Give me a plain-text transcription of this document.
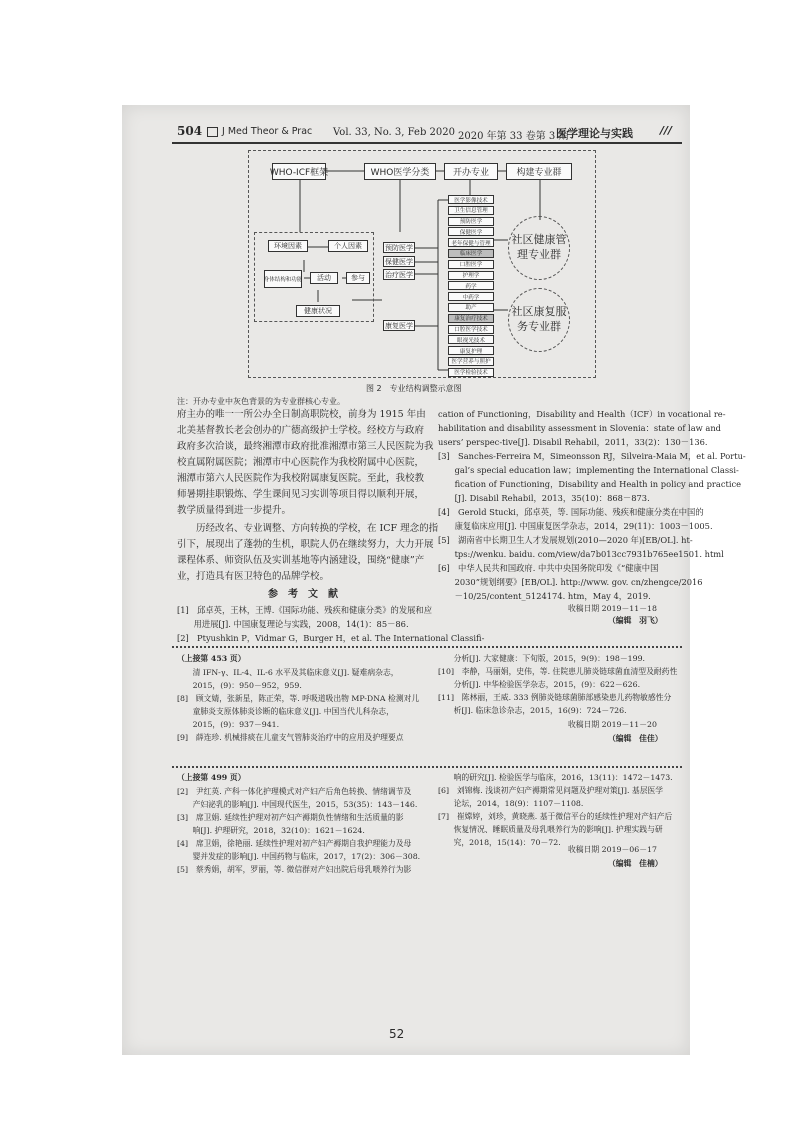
504 J Med Theor & Prac Vol. 33, No. 3, Feb 2020 2020 年第 33 卷第 3 期
医学理论与实践 ///
WHO-ICF框架	WHO医学分类	开办专业	构建专业群
环境因素	个人因素
身体结构和功能	活动	参与
健康状况
预防医学
保健医学
治疗医学
康复医学
医学影像技术
卫生信息管理
预防医学
保健医学
老年保健与管理
临床医学
口腔医学
护理学
药学
中药学
助产
康复治疗技术
口腔医学技术
眼视光技术
康复护理
医学营养与照护
医学检验技术
社区健康管理专业群
社区康复服务专业群
图 2　专业结构调整示意图
注：开办专业中灰色背景的为专业群核心专业。
府主办的唯一一所公办全日制高职院校，前身为 1915 年由
北美基督教长老会创办的广德高级护士学校。经校方与政府
政府多次洽谈，最终湘潭市政府批准湘潭市第三人民医院为我
校直属附属医院；湘潭市中心医院作为我校附属中心医院，
湘潭市第六人民医院作为我校附属康复医院。至此，我校教
师暑期挂职锻炼、学生课间见习实训等项目得以顺利开展，
教学质量得到进一步提升。
　　历经改名、专业调整、方向转换的学校，在 ICF 理念的指
引下，展现出了蓬勃的生机，职院人仍在继续努力，大力开展
课程体系、师资队伍及实训基地等内涵建设，围绕“健康”产
业，打造具有医卫特色的品牌学校。
参　考　文　献
[1]　邱卓英，王林，王博.《国际功能、残疾和健康分类》的发展和应
　　用进展[J]. 中国康复理论与实践，2008，14(1)：85－86.
[2]　Ptyushkin P，Vidmar G，Burger H，et al. The International Classifi-
cation of Functioning，Disability and Health（ICF）in vocational re-
habilitation and disability assessment in Slovenia：state of law and
users’ perspec-tive[J]. Disabil Rehabil，2011，33(2)：130－136.
[3]　Sanches-Ferreira M，Simeonsson RJ，Silveira-Maia M，et al. Portu-
　　gal’s special education law；implementing the International Classi-
　　fication of Functioning，Disability and Health in policy and practice
　　[J]. Disabil Rehabil，2013，35(10)：868－873.
[4]　Gerold Stucki，邱卓英，等. 国际功能、残疾和健康分类在中国的
　　康复临床应用[J]. 中国康复医学杂志，2014，29(11)：1003－1005.
[5]　湖南省中长期卫生人才发展规划(2010—2020 年)[EB/OL]. ht-
　　tps://wenku. baidu. com/view/da7b013cc7931b765ee1501. html
[6]　中华人民共和国政府. 中共中央国务院印发《“健康中国
　　2030”规划纲要》[EB/OL]. http://www. gov. cn/zhengce/2016
　　－10/25/content_5124174. htm，May 4，2019.
收稿日期 2019－11－18
（编辑　羽飞）
（上接第 453 页）
　　清 IFN-γ、IL-4、IL-6 水平及其临床意义[J]. 疑难病杂志，
　　2015，(9)：950－952，959.
[8]　顾文婧，张新星，陈正荣，等. 呼吸道吸出物 MP-DNA 检测对儿
　　童肺炎支原体肺炎诊断的临床意义[J]. 中国当代儿科杂志，
　　2015，(9)：937－941.
[9]　薛连珍. 机械排痰在儿童支气管肺炎治疗中的应用及护理要点
　　分析[J]. 大家健康：下旬版，2015，9(9)：198－199.
[10]　李静，马丽娟，史伟，等. 住院患儿肺炎链球菌血清型及耐药性
　　分析[J]. 中华检验医学杂志，2015，(9)：622－626.
[11]　陈林丽，王威. 333 例肺炎链球菌肺部感染患儿药物敏感性分
　　析[J]. 临床急诊杂志，2015，16(9)：724－726.
收稿日期 2019－11－20
（编辑　佳佳）
（上接第 499 页）
[2]　尹红英. 产科一体化护理模式对产妇产后角色转换、情绪调节及
　　产妇泌乳的影响[J]. 中国现代医生，2015，53(35)：143－146.
[3]　席卫娟. 延续性护理对初产妇产褥期负性情绪和生活质量的影
　　响[J]. 护理研究，2018，32(10)：1621－1624.
[4]　席卫娟，徐艳丽. 延续性护理对初产妇产褥期自我护理能力及母
　　婴并发症的影响[J]. 中国药物与临床，2017，17(2)：306－308.
[5]　蔡秀娟，胡军，罗丽，等. 微信群对产妇出院后母乳喂养行为影
　　响的研究[J]. 检验医学与临床，2016，13(11)：1472－1473.
[6]　刘锦梅. 浅谈初产妇产褥期常见问题及护理对策[J]. 基层医学
　　论坛，2014，18(9)：1107－1108.
[7]　崔嫦婷，刘珍，黄晓燕. 基于微信平台的延续性护理对产妇产后
　　恢复情况、睡眠质量及母乳喂养行为的影响[J]. 护理实践与研
　　究，2018，15(14)：70－72.
收稿日期 2019－06－17
（编辑　佳楠）
52
